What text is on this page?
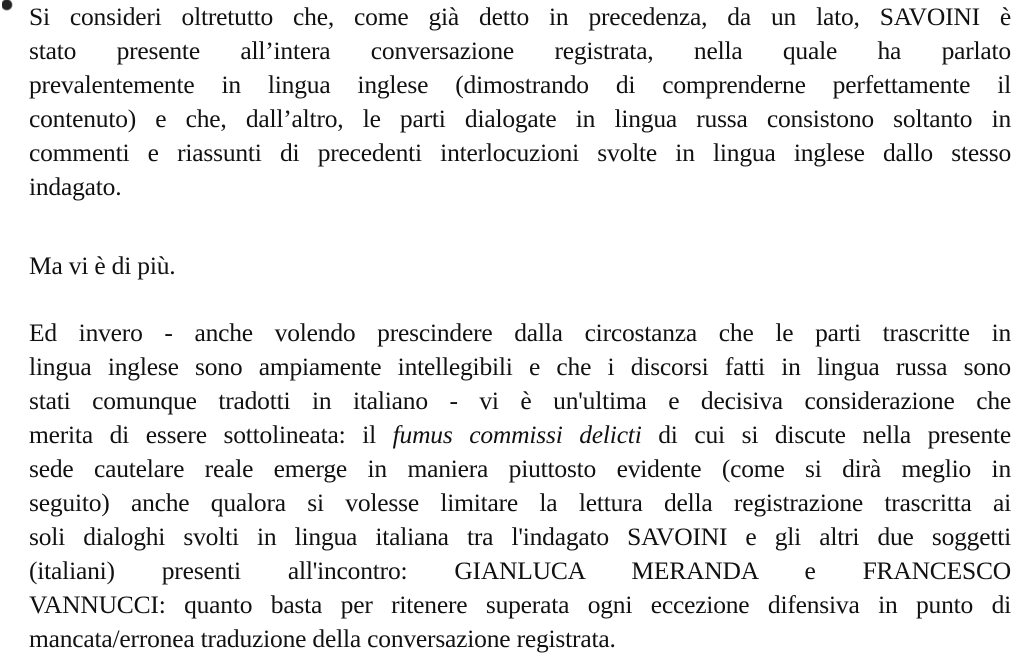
Si consideri oltretutto che, come già detto in precedenza, da un lato, SAVOINI è
stato presente all’intera conversazione registrata, nella quale ha parlato
prevalentemente in lingua inglese (dimostrando di comprenderne perfettamente il
contenuto) e che, dall’altro, le parti dialogate in lingua russa consistono soltanto in
commenti e riassunti di precedenti interlocuzioni svolte in lingua inglese dallo stesso
indagato.
Ma vi è di più.
Ed invero - anche volendo prescindere dalla circostanza che le parti trascritte in
lingua inglese sono ampiamente intellegibili e che i discorsi fatti in lingua russa sono
stati comunque tradotti in italiano - vi è un'ultima e decisiva considerazione che
merita di essere sottolineata: il fumus commissi delicti di cui si discute nella presente
sede cautelare reale emerge in maniera piuttosto evidente (come si dirà meglio in
seguito) anche qualora si volesse limitare la lettura della registrazione trascritta ai
soli dialoghi svolti in lingua italiana tra l'indagato SAVOINI e gli altri due soggetti
(italiani) presenti all'incontro: GIANLUCA MERANDA e FRANCESCO
VANNUCCI: quanto basta per ritenere superata ogni eccezione difensiva in punto di
mancata/erronea traduzione della conversazione registrata.
